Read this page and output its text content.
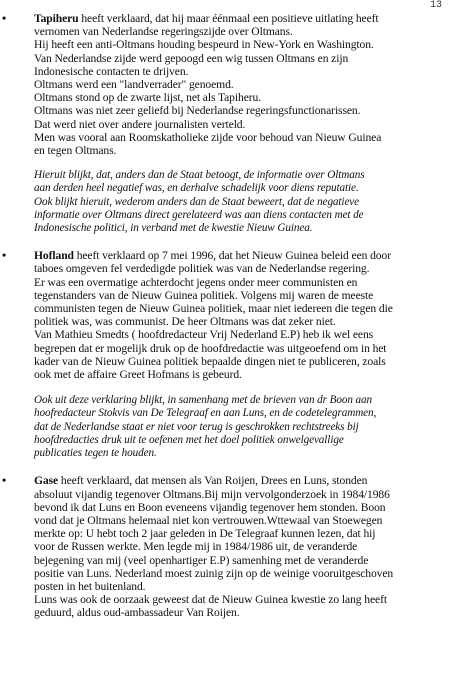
13
• Tapiheru heeft verklaard, dat hij maar éénmaal een positieve uitlating heeft
vernomen van Nederlandse regeringszijde over Oltmans.
Hij heeft een anti-Oltmans houding bespeurd in New-York en Washington.
Van Nederlandse zijde werd gepoogd een wig tussen Oltmans en zijn
Indonesische contacten te drijven.
Oltmans werd een "landverrader" genoemd.
Oltmans stond op de zwarte lijst, net als Tapiheru.
Oltmans was niet zeer geliefd bij Nederlandse regeringsfunctionarissen.
Dat werd niet over andere journalisten verteld.
Men was vooral aan Roomskatholieke zijde voor behoud van Nieuw Guinea
en tegen Oltmans.
Hieruit blijkt, dat, anders dan de Staat betoogt, de informatie over Oltmans
aan derden heel negatief was, en derhalve schadelijk voor diens reputatie.
Ook blijkt hieruit, wederom anders dan de Staat beweert, dat de negatieve
informatie over Oltmans direct gerelateerd was aan diens contacten met de
Indonesische politici, in verband met de kwestie Nieuw Guinea.
• Hofland heeft verklaard op 7 mei 1996, dat het Nieuw Guinea beleid een door
taboes omgeven fel verdedigde politiek was van de Nederlandse regering.
Er was een overmatige achterdocht jegens onder meer communisten en
tegenstanders van de Nieuw Guinea politiek. Volgens mij waren de meeste
communisten tegen de Nieuw Guinea politiek, maar niet iedereen die tegen die
politiek was, was communist. De heer Oltmans was dat zeker niet.
Van Mathieu Smedts ( hoofdredacteur Vrij Nederland E.P) heb ik wel eens
begrepen dat er mogelijk druk op de hoofdredactie was uitgeoefend om in het
kader van de Nieuw Guinea politiek bepaalde dingen niet te publiceren, zoals
ook met de affaire Greet Hofmans is gebeurd.
Ook uit deze verklaring blijkt, in samenhang met de brieven van dr Boon aan
hoofredacteur Stokvis van De Telegraaf en aan Luns, en de codetelegrammen,
dat de Nederlandse staat er niet voor terug is geschrokken rechtstreeks bij
hoofdredacties druk uit te oefenen met het doel politiek onwelgevallige
publicaties tegen te houden.
• Gase heeft verklaard, dat mensen als Van Roijen, Drees en Luns, stonden
absoluut vijandig tegenover Oltmans.Bij mijn vervolgonderzoek in 1984/1986
bevond ik dat Luns en Boon eveneens vijandig tegenover hem stonden. Boon
vond dat je Oltmans helemaal niet kon vertrouwen.Wttewaal van Stoewegen
merkte op: U hebt toch 2 jaar geleden in De Telegraaf kunnen lezen, dat hij
voor de Russen werkte. Men legde mij in 1984/1986 uit, de veranderde
bejegening van mij (veel openhartiger E.P) samenhing met de veranderde
positie van Luns. Nederland moest zuinig zijn op de weinige vooruitgeschoven
posten in het buitenland.
Luns was ook de oorzaak geweest dat de Nieuw Guinea kwestie zo lang heeft
geduurd, aldus oud-ambassadeur Van Roijen.
